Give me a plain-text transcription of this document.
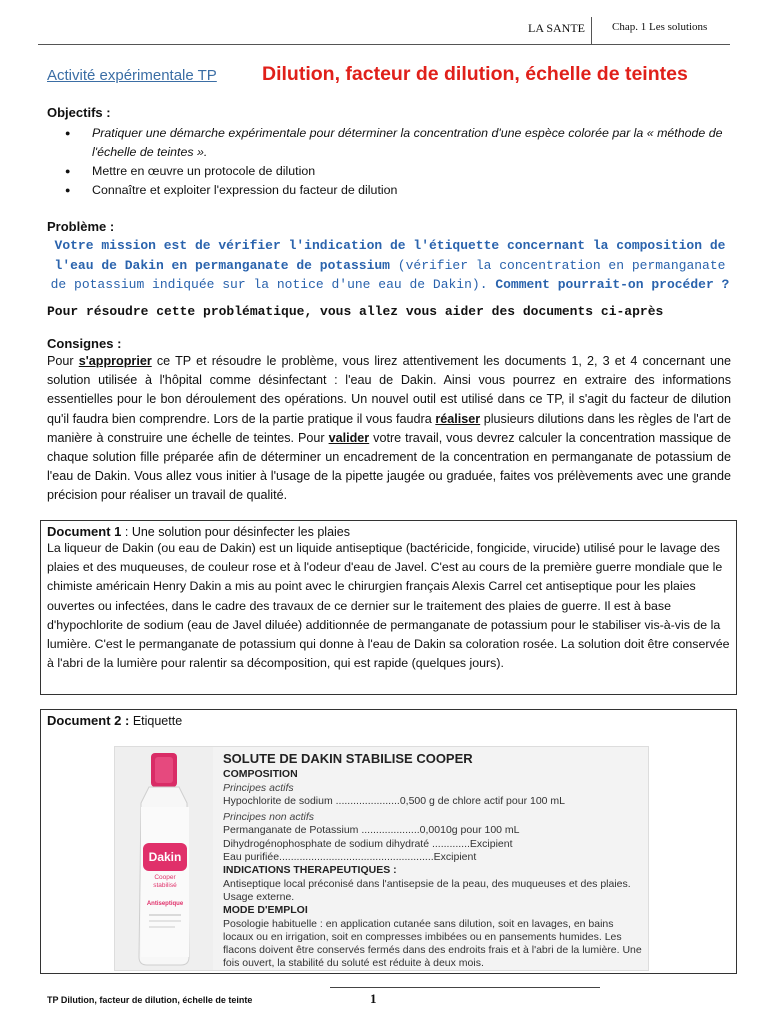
LA SANTE Chap. 1 Les solutions
Activité expérimentale TP Dilution, facteur de dilution, échelle de teintes
Objectifs :
● Pratiquer une démarche expérimentale pour déterminer la concentration d'une espèce colorée par la « méthode de l'échelle de teintes ».
● Mettre en œuvre un protocole de dilution
● Connaître et exploiter l'expression du facteur de dilution
Problème :
Votre mission est de vérifier l'indication de l'étiquette concernant la composition de l'eau de Dakin en permanganate de potassium (vérifier la concentration en permanganate de potassium indiquée sur la notice d'une eau de Dakin). Comment pourrait-on procéder ?
Pour résoudre cette problématique, vous allez vous aider des documents ci-après
Consignes :
Pour s'approprier ce TP et résoudre le problème, vous lirez attentivement les documents 1, 2, 3 et 4 concernant une solution utilisée à l'hôpital comme désinfectant : l'eau de Dakin. Ainsi vous pourrez en extraire des informations essentielles pour le bon déroulement des opérations. Un nouvel outil est utilisé dans ce TP, il s'agit du facteur de dilution qu'il faudra bien comprendre. Lors de la partie pratique il vous faudra réaliser plusieurs dilutions dans les règles de l'art de manière à construire une échelle de teintes. Pour valider votre travail, vous devrez calculer la concentration massique de chaque solution fille préparée afin de déterminer un encadrement de la concentration en permanganate de potassium de l'eau de Dakin. Vous allez vous initier à l'usage de la pipette jaugée ou graduée, faites vos prélèvements avec une grande précision pour réaliser un travail de qualité.
Document 1 : Une solution pour désinfecter les plaies
La liqueur de Dakin (ou eau de Dakin) est un liquide antiseptique (bactéricide, fongicide, virucide) utilisé pour le lavage des plaies et des muqueuses, de couleur rose et à l'odeur d'eau de Javel. C'est au cours de la première guerre mondiale que le chimiste américain Henry Dakin a mis au point avec le chirurgien français Alexis Carrel cet antiseptique pour les plaies ouvertes ou infectées, dans le cadre des travaux de ce dernier sur le traitement des plaies de guerre. Il est à base d'hypochlorite de sodium (eau de Javel diluée) additionnée de permanganate de potassium pour le stabiliser vis-à-vis de la lumière. C'est le permanganate de potassium qui donne à l'eau de Dakin sa coloration rosée. La solution doit être conservée à l'abri de la lumière pour ralentir sa décomposition, qui est rapide (quelques jours).
Document 2 : Etiquette
Dakin
Cooper
stabilisé
Antiseptique
SOLUTE DE DAKIN STABILISE COOPER
COMPOSITION
Principes actifs
Hypochlorite de sodium ......................0,500 g de chlore actif pour 100 mL
Principes non actifs
Permanganate de Potassium ....................0,0010g pour 100 mL
Dihydrogénophosphate de sodium dihydraté .............Excipient
Eau purifiée.....................................................Excipient
INDICATIONS THERAPEUTIQUES :
Antiseptique local préconisé dans l'antisepsie de la peau, des muqueuses et des plaies. Usage externe.
MODE D'EMPLOI
Posologie habituelle : en application cutanée sans dilution, soit en lavages, en bains locaux ou en irrigation, soit en compresses imbibées ou en pansements humides. Les flacons doivent être conservés fermés dans des endroits frais et à l'abri de la lumière. Une fois ouvert, la stabilité du soluté est réduite à deux mois.
TP Dilution, facteur de dilution, échelle de teinte	1
